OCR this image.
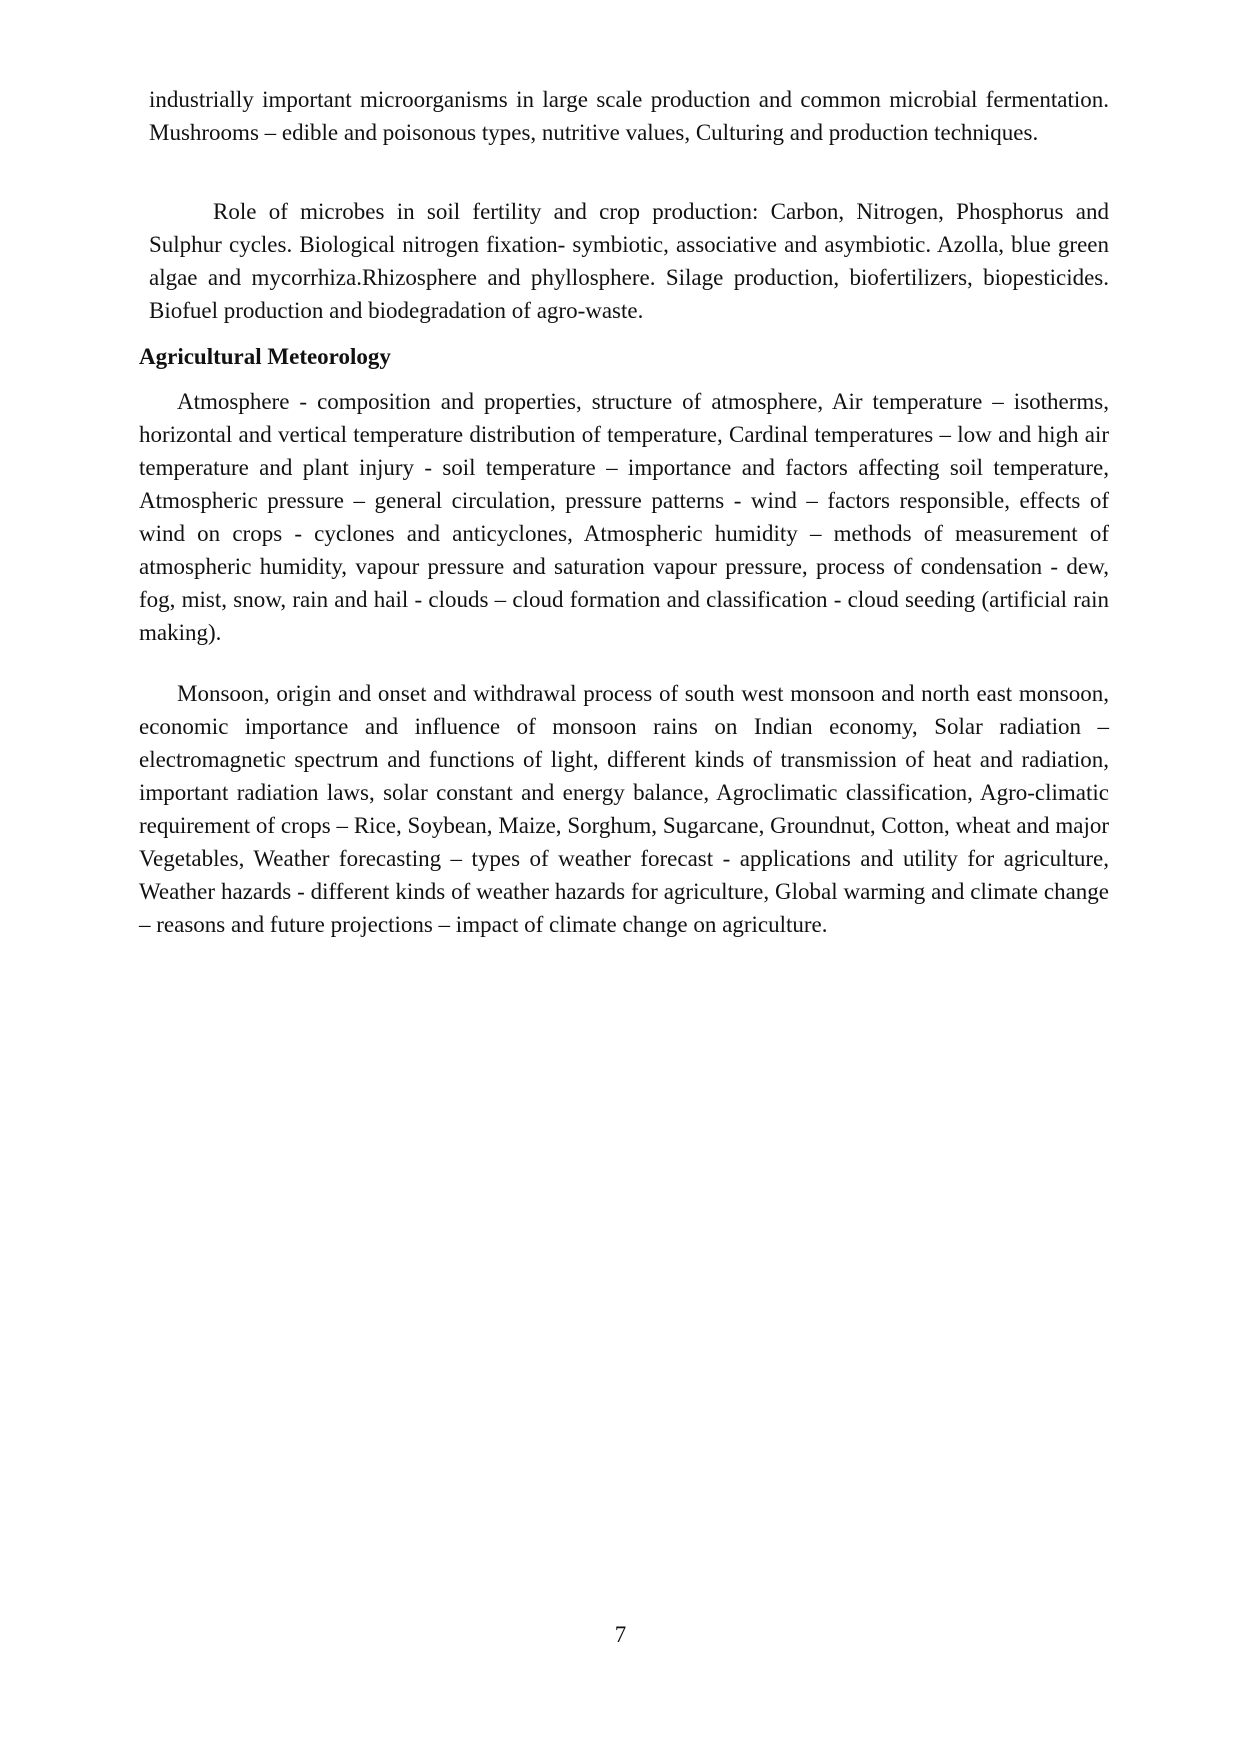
industrially important microorganisms in large scale production and common microbial fermentation. Mushrooms – edible and poisonous types, nutritive values, Culturing and production techniques.

Role of microbes in soil fertility and crop production: Carbon, Nitrogen, Phosphorus and Sulphur cycles. Biological nitrogen fixation- symbiotic, associative and asymbiotic. Azolla, blue green algae and mycorrhiza.Rhizosphere and phyllosphere. Silage production, biofertilizers, biopesticides. Biofuel production and biodegradation of agro-waste.

Agricultural Meteorology

Atmosphere - composition and properties, structure of atmosphere, Air temperature – isotherms, horizontal and vertical temperature distribution of temperature, Cardinal temperatures – low and high air temperature and plant injury - soil temperature – importance and factors affecting soil temperature, Atmospheric pressure – general circulation, pressure patterns - wind – factors responsible, effects of wind on crops - cyclones and anticyclones, Atmospheric humidity – methods of measurement of atmospheric humidity, vapour pressure and saturation vapour pressure, process of condensation - dew, fog, mist, snow, rain and hail - clouds – cloud formation and classification - cloud seeding (artificial rain making).

Monsoon, origin and onset and withdrawal process of south west monsoon and north east monsoon, economic importance and influence of monsoon rains on Indian economy, Solar radiation – electromagnetic spectrum and functions of light, different kinds of transmission of heat and radiation, important radiation laws, solar constant and energy balance, Agroclimatic classification, Agro-climatic requirement of crops – Rice, Soybean, Maize, Sorghum, Sugarcane, Groundnut, Cotton, wheat and major Vegetables, Weather forecasting – types of weather forecast - applications and utility for agriculture, Weather hazards - different kinds of weather hazards for agriculture, Global warming and climate change – reasons and future projections – impact of climate change on agriculture.

7
